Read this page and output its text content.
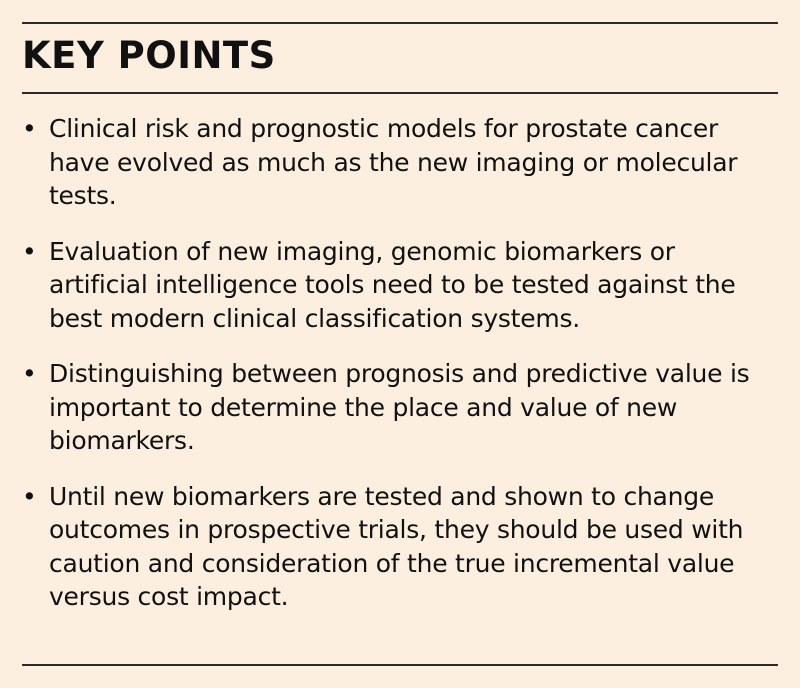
KEY POINTS
• Clinical risk and prognostic models for prostate cancer have evolved as much as the new imaging or molecular tests.
• Evaluation of new imaging, genomic biomarkers or artificial intelligence tools need to be tested against the best modern clinical classification systems.
• Distinguishing between prognosis and predictive value is important to determine the place and value of new biomarkers.
• Until new biomarkers are tested and shown to change outcomes in prospective trials, they should be used with caution and consideration of the true incremental value versus cost impact.
